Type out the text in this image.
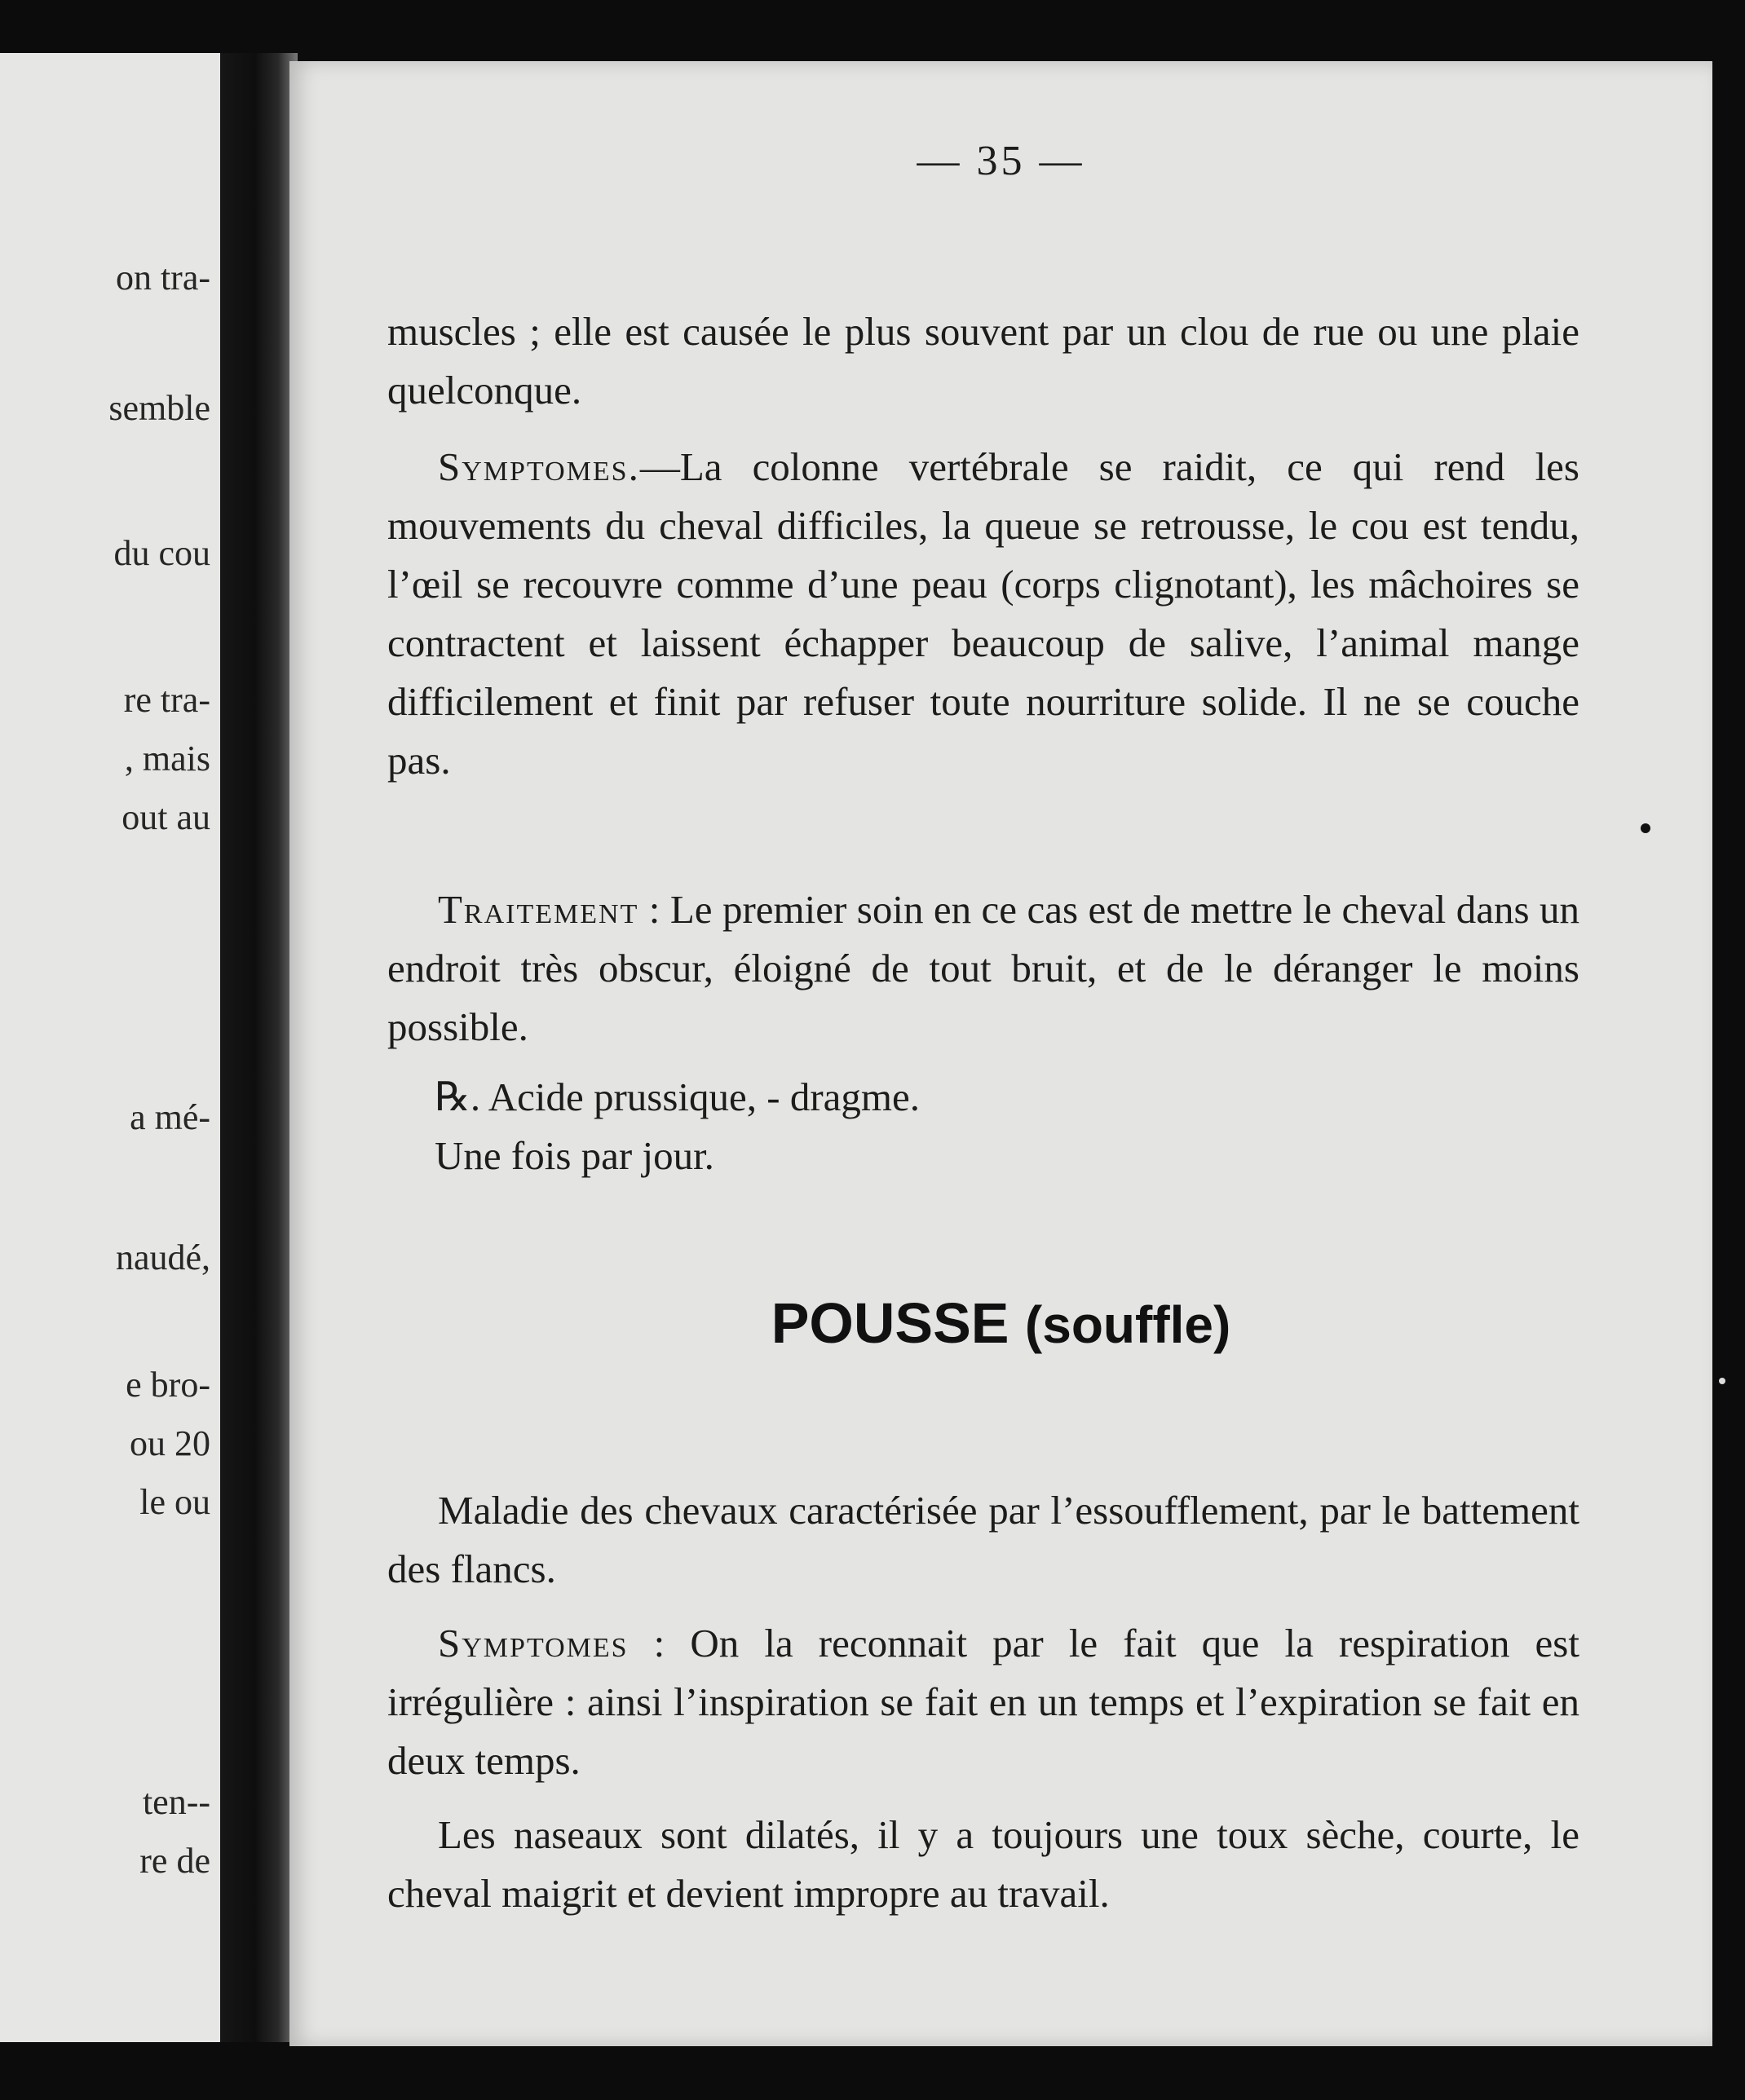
on tra-
semble
du cou
re tra-
, mais
out au
a mé-
naudé,
e bro-
ou 20
le ou
ten--
re de
— 35 —

muscles ; elle est causée le plus souvent par un clou de rue ou une plaie quelconque.

Symptomes.—La colonne vertébrale se raidit, ce qui rend les mouvements du cheval difficiles, la queue se retrousse, le cou est tendu, l’œil se recouvre comme d’une peau (corps clignotant), les mâchoires se contractent et laissent échapper beaucoup de salive, l’animal mange difficilement et finit par refuser toute nourriture solide. Il ne se couche pas.

Traitement : Le premier soin en ce cas est de mettre le cheval dans un endroit très obscur, éloigné de tout bruit, et de le déranger le moins possible.

℞. Acide prussique, - dragme.

Une fois par jour.

POUSSE (souffle)

Maladie des chevaux caractérisée par l’essoufflement, par le battement des flancs.

Symptomes : On la reconnait par le fait que la respiration est irrégulière : ainsi l’inspiration se fait en un temps et l’expiration se fait en deux temps.

Les naseaux sont dilatés, il y a toujours une toux sèche, courte, le cheval maigrit et devient impropre au travail.
